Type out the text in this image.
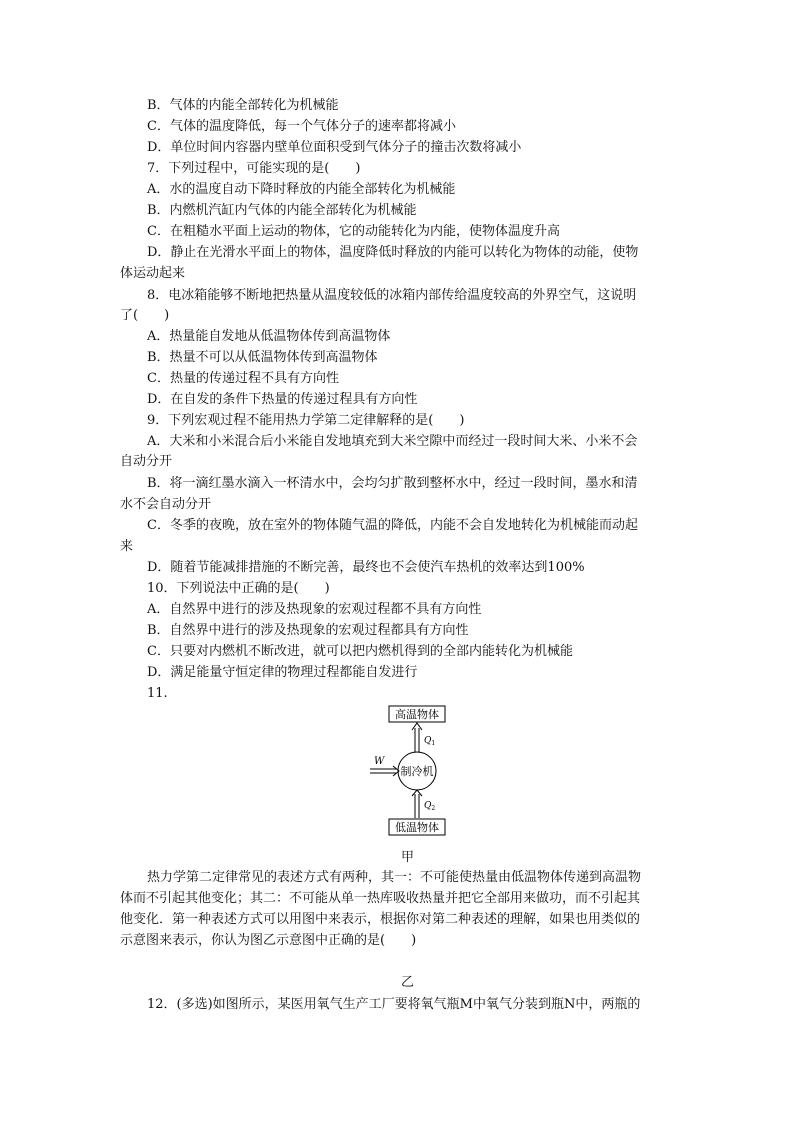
B．气体的内能全部转化为机械能
C．气体的温度降低，每一个气体分子的速率都将减小
D．单位时间内容器内壁单位面积受到气体分子的撞击次数将减小
7．下列过程中，可能实现的是(　　)
A．水的温度自动下降时释放的内能全部转化为机械能
B．内燃机汽缸内气体的内能全部转化为机械能
C．在粗糙水平面上运动的物体，它的动能转化为内能，使物体温度升高
D．静止在光滑水平面上的物体，温度降低时释放的内能可以转化为物体的动能，使物
体运动起来
8．电冰箱能够不断地把热量从温度较低的冰箱内部传给温度较高的外界空气，这说明
了(　　)
A．热量能自发地从低温物体传到高温物体
B．热量不可以从低温物体传到高温物体
C．热量的传递过程不具有方向性
D．在自发的条件下热量的传递过程具有方向性
9．下列宏观过程不能用热力学第二定律解释的是(　　)
A．大米和小米混合后小米能自发地填充到大米空隙中而经过一段时间大米、小米不会
自动分开
B．将一滴红墨水滴入一杯清水中，会均匀扩散到整杯水中，经过一段时间，墨水和清
水不会自动分开
C．冬季的夜晚，放在室外的物体随气温的降低，内能不会自发地转化为机械能而动起
来
D．随着节能减排措施的不断完善，最终也不会使汽车热机的效率达到100%
10．下列说法中正确的是(　　)
A．自然界中进行的涉及热现象的宏观过程都不具有方向性
B．自然界中进行的涉及热现象的宏观过程都具有方向性
C．只要对内燃机不断改进，就可以把内燃机得到的全部内能转化为机械能
D．满足能量守恒定律的物理过程都能自发进行
11.
高温物体
$Q_1$
制冷机
W
$Q_2$
低温物体
甲
热力学第二定律常见的表述方式有两种，其一：不可能使热量由低温物体传递到高温物
体而不引起其他变化；其二：不可能从单一热库吸收热量并把它全部用来做功，而不引起其
他变化．第一种表述方式可以用图中来表示，根据你对第二种表述的理解，如果也用类似的
示意图来表示，你认为图乙示意图中正确的是(　　)
乙
12．(多选)如图所示，某医用氧气生产工厂要将氧气瓶M中氧气分装到瓶N中，两瓶的
